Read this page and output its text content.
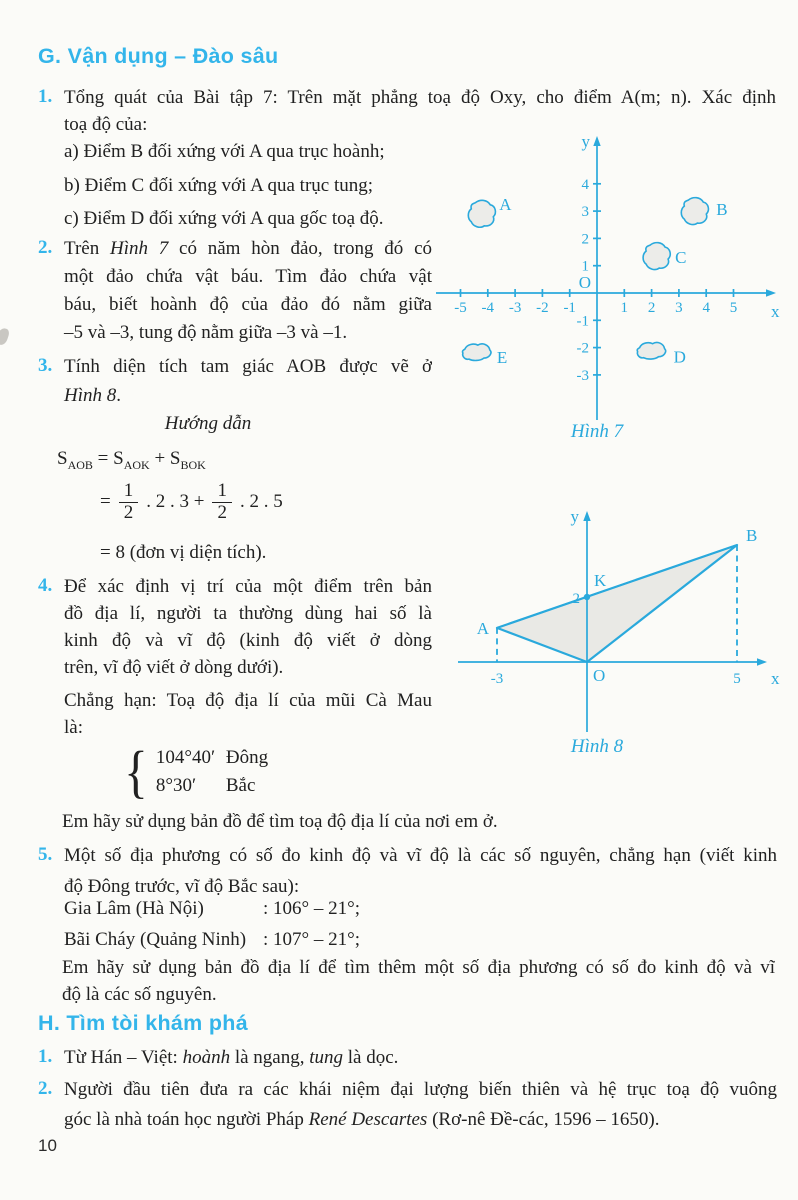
G. Vận dụng – Đào sâu
1. Tổng quát của Bài tập 7: Trên mặt phẳng toạ độ Oxy, cho điểm A(m; n). Xác định
toạ độ của:
a) Điểm B đối xứng với A qua trục hoành;
b) Điểm C đối xứng với A qua trục tung;
c) Điểm D đối xứng với A qua gốc toạ độ.
2. Trên Hình 7 có năm hòn đảo, trong đó có
một đảo chứa vật báu. Tìm đảo chứa vật
báu, biết hoành độ của đảo đó nằm giữa
–5 và –3, tung độ nằm giữa –3 và –1.
3. Tính diện tích tam giác AOB được vẽ ở
Hình 8.
Hướng dẫn
$S_{AOB} = S_{AOK} + S_{BOK}$
= $\frac{1}{2}$ . 2 . $3 + \frac{1}{2}$ . 2 . 5
= 8 (đơn vị diện tích).
4. Để xác định vị trí của một điểm trên bản
đồ địa lí, người ta thường dùng hai số là
kinh độ và vĩ độ (kinh độ viết ở dòng
trên, vĩ độ viết ở dòng dưới).
Chẳng hạn: Toạ độ địa lí của mũi Cà Mau
là:
{ 104°40′ Đông
8°30′	Bắc
Em hãy sử dụng bản đồ để tìm toạ độ địa lí của nơi em ở.
5. Một số địa phương có số đo kinh độ và vĩ độ là các số nguyên, chẳng hạn (viết kinh
độ Đông trước, vĩ độ Bắc sau):
Gia Lâm (Hà Nội)	: 106° – 21°;
Bãi Cháy (Quảng Ninh) : 107° – 21°;
Em hãy sử dụng bản đồ địa lí để tìm thêm một số địa phương có số đo kinh độ và vĩ
độ là các số nguyên.
H. Tìm tòi khám phá
1. Từ Hán – Việt: hoành là ngang, tung là dọc.
2. Người đầu tiên đưa ra các khái niệm đại lượng biến thiên và hệ trục toạ độ vuông
góc là nhà toán học người Pháp René Descartes (Rơ-nê Đề-các, 1596 – 1650).
10
O
x
y
-5 -4 -3 -2 -1	1 2 3 4 5
4
3
2
1
-1
-2
-3
A	B
C
D
E
Hình 7
x
y
A
B
K
O
2
-3	5
Hình 8
